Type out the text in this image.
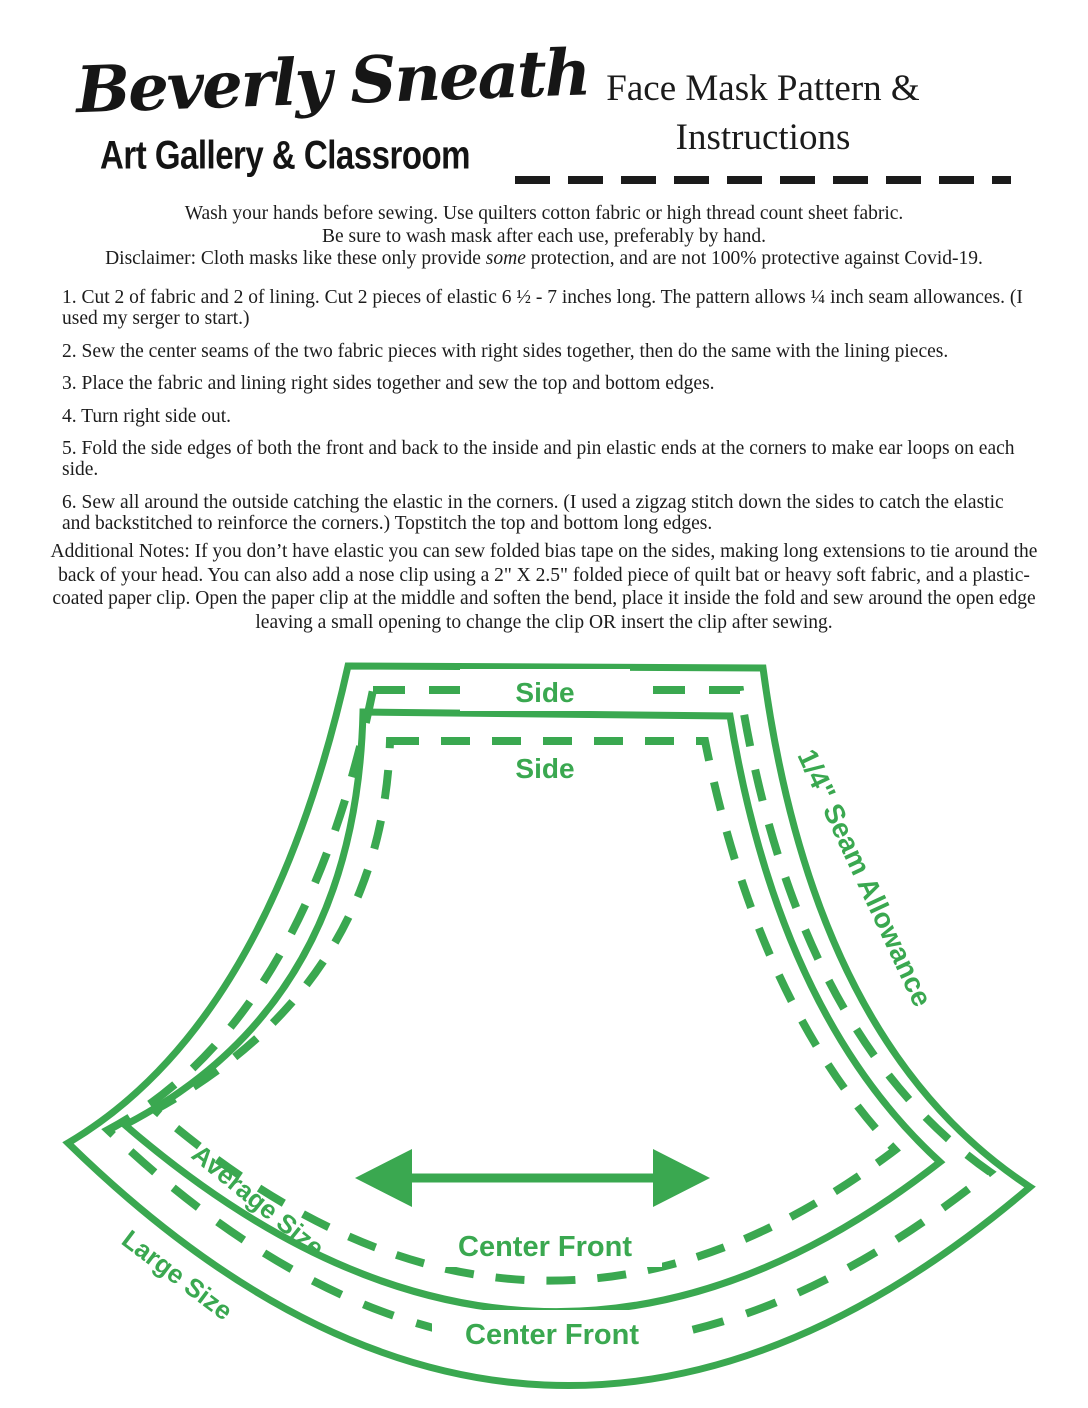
Beverly Sneath
Art Gallery & Classroom
Face Mask Pattern &
Instructions

Wash your hands before sewing. Use quilters cotton fabric or high thread count sheet fabric.

Be sure to wash mask after each use, preferably by hand.

Disclaimer: Cloth masks like these only provide some protection, and are not 100% protective against Covid-19.

1. Cut 2 of fabric and 2 of lining. Cut 2 pieces of elastic 6 ½ - 7 inches long. The pattern allows ¼ inch seam allowances. (I used my serger to start.)

2. Sew the center seams of the two fabric pieces with right sides together, then do the same with the lining pieces.

3. Place the fabric and lining right sides together and sew the top and bottom edges.

4. Turn right side out.

5. Fold the side edges of both the front and back to the inside and pin elastic ends at the corners to make ear loops on each side.

6. Sew all around the outside catching the elastic in the corners. (I used a zigzag stitch down the sides to catch the elastic and backstitched to reinforce the corners.) Topstitch the top and bottom long edges.

Additional Notes: If you don’t have elastic you can sew folded bias tape on the sides, making long extensions to tie around the back of your head. You can also add a nose clip using a 2" X 2.5" folded piece of quilt bat or heavy soft fabric, and a plastic-coated paper clip. Open the paper clip at the middle and soften the bend, place it inside the fold and sew around the open edge leaving a small opening to change the clip OR insert the clip after sewing.

Side
Side	1/4" Seam Allowance
Average Size
Large Size	Center Front
Center Front
